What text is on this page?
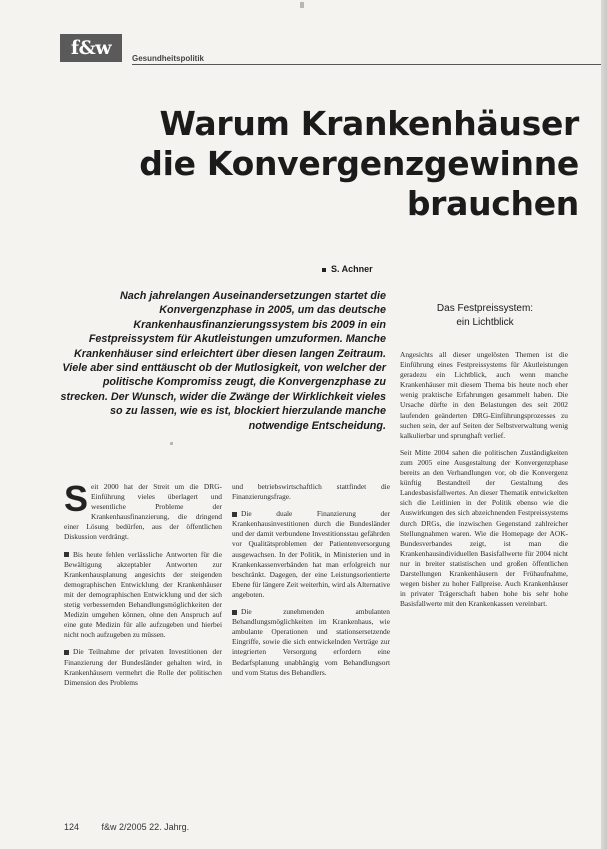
f&w	Gesundheitspolitik
Warum Krankenhäuser
die Konvergenzgewinne
brauchen
S. Achner
Nach jahrelangen Auseinandersetzungen startet die Konvergenzphase in 2005, um das deutsche Krankenhausfinanzierungssystem bis 2009 in ein Festpreissystem für Akutleistungen umzuformen. Manche Krankenhäuser sind erleichtert über diesen langen Zeitraum. Viele aber sind enttäuscht ob der Mutlosigkeit, von welcher der politische Kompromiss zeugt, die Konvergenzphase zu strecken. Der Wunsch, wider die Zwänge der Wirklichkeit vieles so zu lassen, wie es ist, blockiert hierzulande manche notwendige Entscheidung.
Das Festpreissystem:
ein Lichtblick

Seit 2000 hat der Streit um die DRG-Einführung vieles überlagert und wesentliche Probleme der Krankenhausfinanzierung, die dringend einer Lösung bedürfen, aus der öffentlichen Diskussion verdrängt.

Bis heute fehlen verlässliche Antworten für die Bewältigung akzeptabler Antworten zur Krankenhausplanung angesichts der steigenden demographischen Entwicklung der Krankenhäuser mit der demographischen Entwicklung und der sich stetig verbessernden Behandlungsmöglichkeiten der Medizin umgehen können, ohne den Anspruch auf eine gute Medizin für alle aufzugeben und hierbei nicht noch aufzugeben zu müssen.

Die Teilnahme der privaten Investitionen der Finanzierung der Bundesländer gehalten wird, in Krankenhäusern vermehrt die Rolle der politischen Dimension des Problems

und betriebswirtschaftlich stattfindet die Finanzierungsfrage.

Die duale Finanzierung der Krankenhausinvestitionen durch die Bundesländer und der damit verbundene Investitionsstau gefährden vor Qualitätsproblemen der Patientenversorgung ausgewachsen. In der Politik, in Ministerien und in Krankenkassenverbänden hat man erfolgreich nur beschränkt. Dagegen, der eine Leistungsorientierte Ebene für längere Zeit weiterhin, wird als Alternative angeboten.

Die zunehmenden ambulanten Behandlungsmöglichkeiten im Krankenhaus, wie ambulante Operationen und stationsersetzende Eingriffe, sowie die sich entwickelnden Verträge zur integrierten Versorgung erfordern eine Bedarfsplanung unabhängig vom Behandlungsort und vom Status des Behandlers.

Angesichts all dieser ungelösten Themen ist die Einführung eines Festpreissystems für Akutleistungen geradezu ein Lichtblick, auch wenn manche Krankenhäuser mit diesem Thema bis heute noch eher wenig praktische Erfahrungen gesammelt haben. Die Ursache dürfte in den Belastungen des seit 2002 laufenden geänderten DRG-Einführungsprozesses zu suchen sein, der auf Seiten der Selbstverwaltung wenig kalkulierbar und sprunghaft verlief.

Seit Mitte 2004 sahen die politischen Zuständigkeiten zum 2005 eine Ausgestaltung der Konvergenzphase bereits an den Verhandlungen vor, ob die Konvergenz künftig Bestandteil der Gestaltung des Landesbasisfallwertes. An dieser Thematik entwickelten sich die Leitlinien in der Politik ebenso wie die Auswirkungen des sich abzeichnenden Festpreissystems durch DRGs, die inzwischen Gegenstand zahlreicher Stellungnahmen waren. Wie die Homepage der AOK-Bundesverbandes zeigt, ist man die Krankenhausindividuellen Basisfallwerte für 2004 nicht nur in breiter statistischen und großen öffentlichen Darstellungen Krankenhäusern der Frühaufnahme, wegen bisher zu hoher Fallpreise. Auch Krankenhäuser in privater Trägerschaft haben hohe bis sehr hohe Basisfallwerte mit den Krankenkassen vereinbart.

124	f&w 2/2005 22. Jahrg.
